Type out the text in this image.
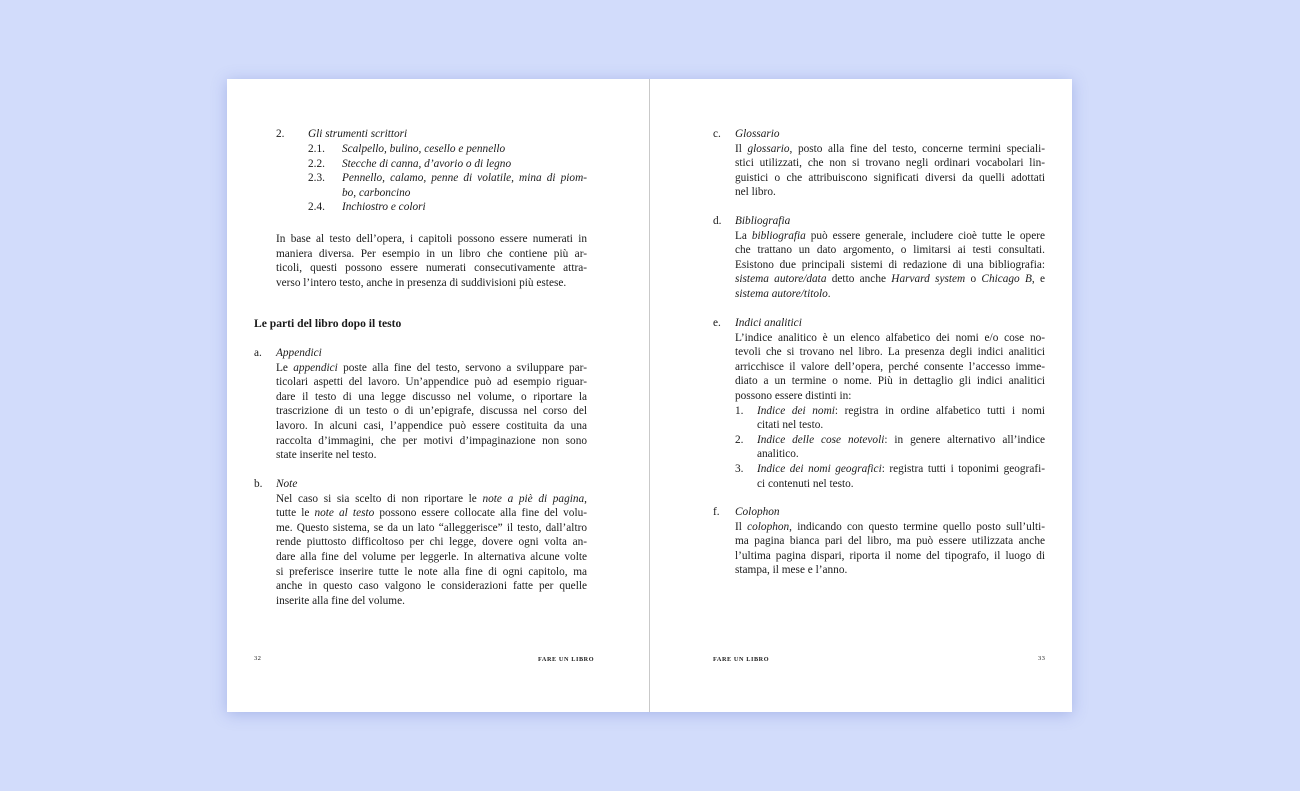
2. Gli strumenti scrittori
2.1. Scalpello, bulino, cesello e pennello
2.2. Stecche di canna, d’avorio o di legno
2.3. Pennello, calamo, penne di volatile, mina di piom-
bo, carboncino
2.4. Inchiostro e colori
In base al testo dell’opera, i capitoli possono essere numerati in
maniera diversa. Per esempio in un libro che contiene più ar-
ticoli, questi possono essere numerati consecutivamente attra-
verso l’intero testo, anche in presenza di suddivisioni più estese.
Le parti del libro dopo il testo
a. Appendici
Le appendici poste alla fine del testo, servono a sviluppare par-
ticolari aspetti del lavoro. Un’appendice può ad esempio riguar-
dare il testo di una legge discusso nel volume, o riportare la
trascrizione di un testo o di un’epigrafe, discussa nel corso del
lavoro. In alcuni casi, l’appendice può essere costituita da una
raccolta d’immagini, che per motivi d’impaginazione non sono
state inserite nel testo.
b. Note
Nel caso si sia scelto di non riportare le note a piè di pagina,
tutte le note al testo possono essere collocate alla fine del volu-
me. Questo sistema, se da un lato “alleggerisce” il testo, dall’altro
rende piuttosto difficoltoso per chi legge, dovere ogni volta an-
dare alla fine del volume per leggerle. In alternativa alcune volte
si preferisce inserire tutte le note alla fine di ogni capitolo, ma
anche in questo caso valgono le considerazioni fatte per quelle
inserite alla fine del volume.
32	FARE UN LIBRO
c. Glossario
Il glossario, posto alla fine del testo, concerne termini speciali-
stici utilizzati, che non si trovano negli ordinari vocabolari lin-
guistici o che attribuiscono significati diversi da quelli adottati
nel libro.
d. Bibliografia
La bibliografia può essere generale, includere cioè tutte le opere
che trattano un dato argomento, o limitarsi ai testi consultati.
Esistono due principali sistemi di redazione di una bibliografia:
sistema autore/data detto anche Harvard system o Chicago B, e
sistema autore/titolo.
e. Indici analitici
L’indice analitico è un elenco alfabetico dei nomi e/o cose no-
tevoli che si trovano nel libro. La presenza degli indici analitici
arricchisce il valore dell’opera, perché consente l’accesso imme-
diato a un termine o nome. Più in dettaglio gli indici analitici
possono essere distinti in:
1. Indice dei nomi: registra in ordine alfabetico tutti i nomi
citati nel testo.
2. Indice delle cose notevoli: in genere alternativo all’indice
analitico.
3. Indice dei nomi geografici: registra tutti i toponimi geografi-
ci contenuti nel testo.
f. Colophon
Il colophon, indicando con questo termine quello posto sull’ulti-
ma pagina bianca pari del libro, ma può essere utilizzata anche
l’ultima pagina dispari, riporta il nome del tipografo, il luogo di
stampa, il mese e l’anno.
FARE UN LIBRO	33
